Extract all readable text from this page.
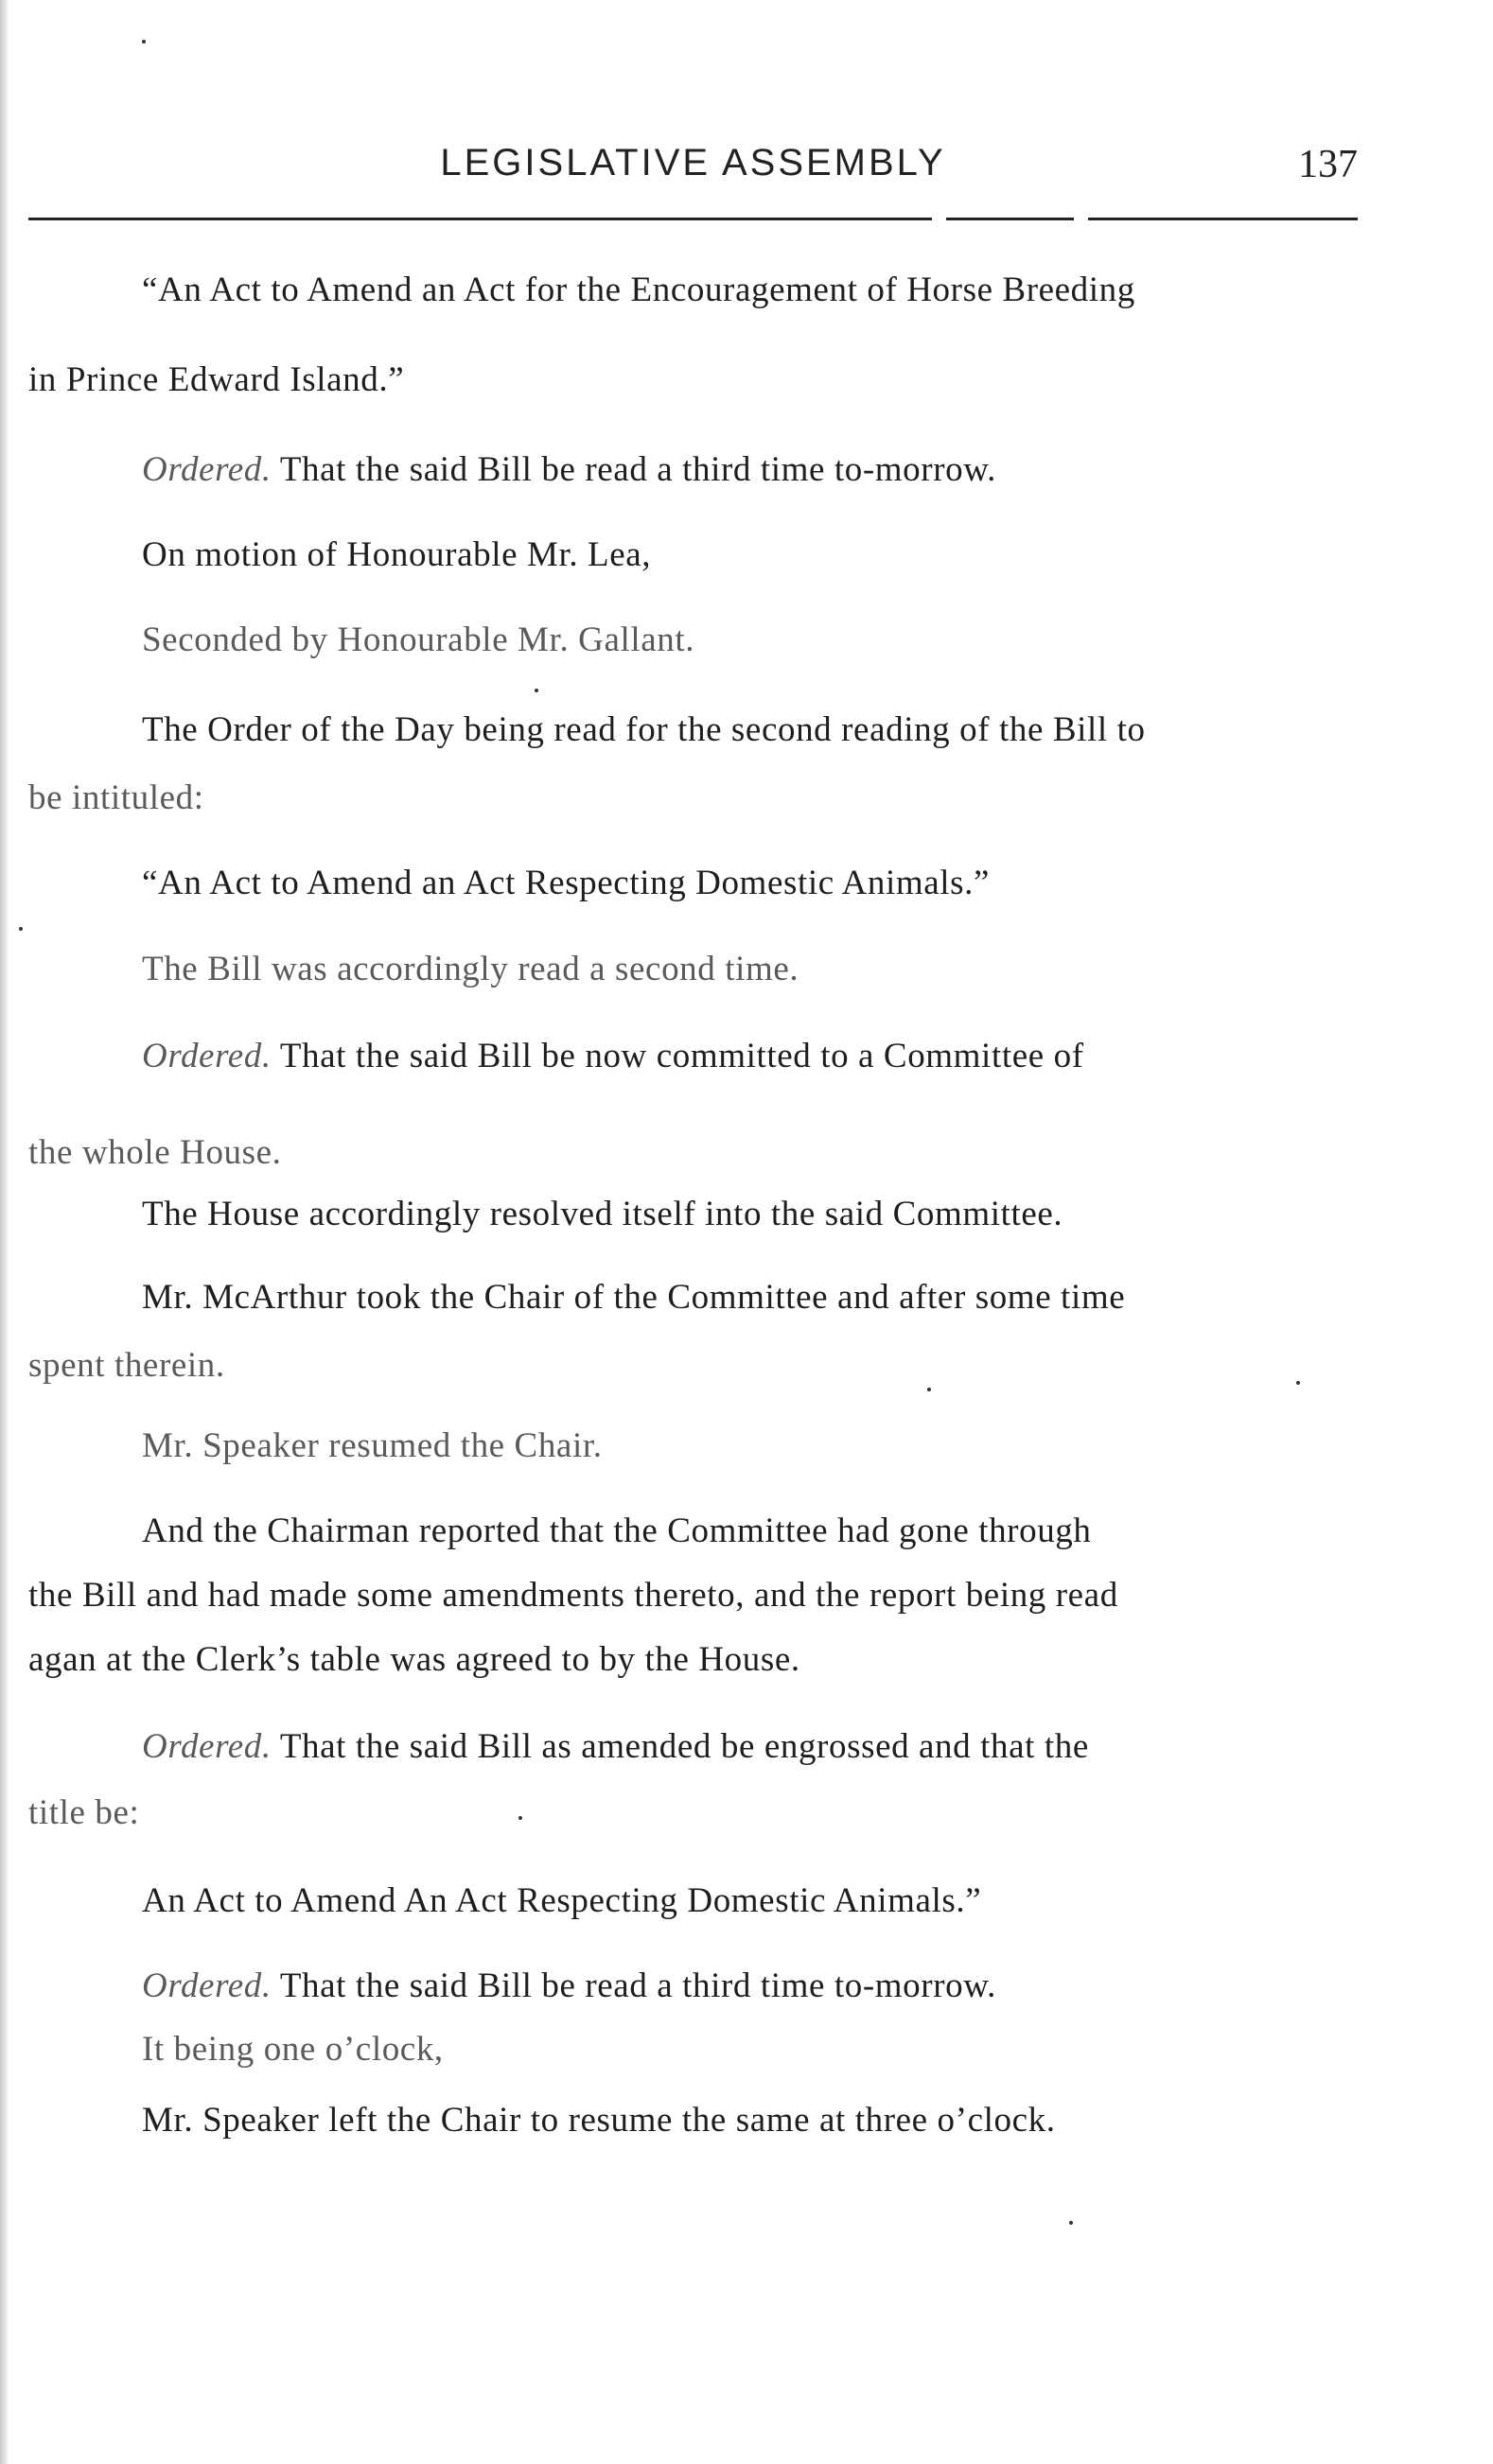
LEGISLATIVE ASSEMBLY	137
“An Act to Amend an Act for the Encouragement of Horse Breeding
in Prince Edward Island.”
Ordered. That the said Bill be read a third time to-morrow.
On motion of Honourable Mr. Lea,
Seconded by Honourable Mr. Gallant.
The Order of the Day being read for the second reading of the Bill to
be intituled:
“An Act to Amend an Act Respecting Domestic Animals.”
The Bill was accordingly read a second time.
Ordered. That the said Bill be now committed to a Committee of
the whole House.
The House accordingly resolved itself into the said Committee.
Mr. McArthur took the Chair of the Committee and after some time
spent therein.
Mr. Speaker resumed the Chair.
And the Chairman reported that the Committee had gone through
the Bill and had made some amendments thereto, and the report being read
agan at the Clerk’s table was agreed to by the House.
Ordered. That the said Bill as amended be engrossed and that the
title be:
An Act to Amend An Act Respecting Domestic Animals.”
Ordered. That the said Bill be read a third time to-morrow.
It being one o’clock,
Mr. Speaker left the Chair to resume the same at three o’clock.
